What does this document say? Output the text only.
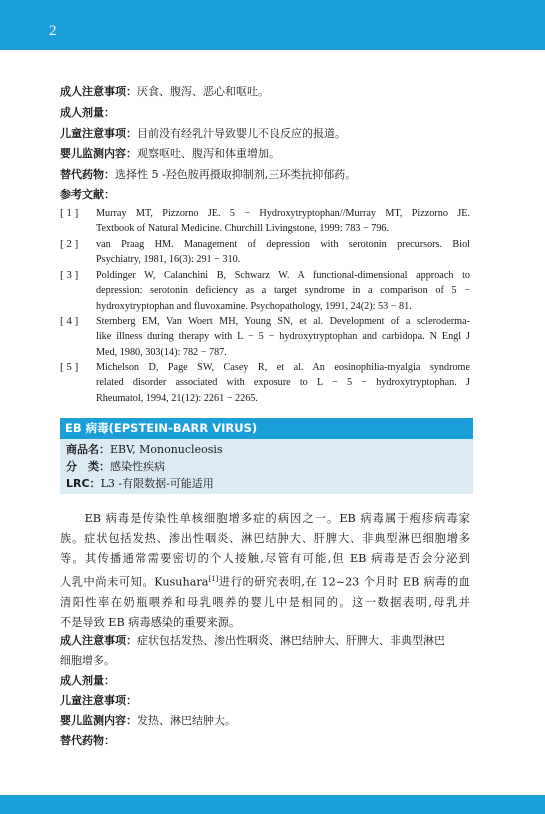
2
成人注意事项：厌食、腹泻、恶心和呕吐。
成人剂量：
儿童注意事项：目前没有经乳汁导致婴儿不良反应的报道。
婴儿监测内容：观察呕吐、腹泻和体重增加。
替代药物：选择性 5 -羟色胺再摄取抑制剂,三环类抗抑郁药。
参考文献：
[ 1 ]	Murray MT, Pizzorno JE. 5 − Hydroxytryptophan//Murray MT, Pizzorno JE.
Textbook of Natural Medicine. Churchill Livingstone, 1999: 783 − 796.
[ 2 ]	van Praag HM. Management of depression with serotonin precursors. Biol
Psychiatry, 1981, 16(3): 291 − 310.
[ 3 ]	Poldinger W, Calanchini B, Schwarz W. A functional-dimensional approach to
depression: serotonin deficiency as a target syndrome in a comparison of 5 −
hydroxytryptophan and fluvoxamine. Psychopathology, 1991, 24(2): 53 − 81.
[ 4 ]	Sternberg EM, Van Woert MH, Young SN, et al. Development of a scleroderma-
like illness during therapy with L − 5 − hydroxytryptophan and carbidopa. N Engl J
Med, 1980, 303(14): 782 − 787.
[ 5 ]	Michelson D, Page SW, Casey R, et al. An eosinophilia-myalgia syndrome
related disorder associated with exposure to L − 5 − hydroxytryptophan. J
Rheumatol, 1994, 21(12): 2261 − 2265.
EB 病毒(EPSTEIN-BARR VIRUS)
商品名：EBV, Mononucleosis
分　类：感染性疾病
LRC：L3 -有限数据-可能适用
　　EB 病毒是传染性单核细胞增多症的病因之一。EB 病毒属于疱疹病毒家
族。症状包括发热、渗出性咽炎、淋巴结肿大、肝脾大、非典型淋巴细胞增多
等。其传播通常需要密切的个人接触,尽管有可能,但 EB 病毒是否会分泌到
人乳中尚未可知。Kusuhara[1]进行的研究表明,在 12~23 个月时 EB 病毒的血
清阳性率在奶瓶喂养和母乳喂养的婴儿中是相同的。这一数据表明,母乳并
不是导致 EB 病毒感染的重要来源。
成人注意事项：症状包括发热、渗出性咽炎、淋巴结肿大、肝脾大、非典型淋巴
细胞增多。
成人剂量：
儿童注意事项：
婴儿监测内容：发热、淋巴结肿大。
替代药物：
